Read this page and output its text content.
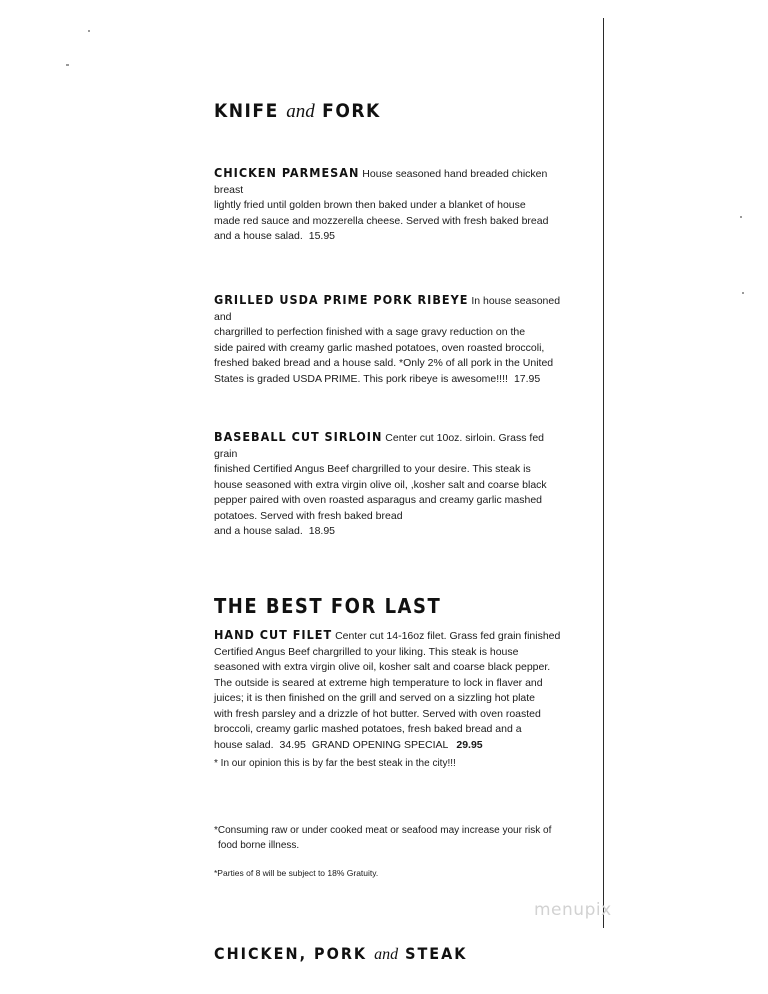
KNIFE and FORK
CHICKEN PARMESAN House seasoned hand breaded chicken breast
lightly fried until golden brown then baked under a blanket of house
made red sauce and mozzerella cheese. Served with fresh baked bread
and a house salad. 15.95
GRILLED USDA PRIME PORK RIBEYE In house seasoned and
chargrilled to perfection finished with a sage gravy reduction on the
side paired with creamy garlic mashed potatoes, oven roasted broccoli,
freshed baked bread and a house sald. *Only 2% of all pork in the United
States is graded USDA PRIME. This pork ribeye is awesome!!!! 17.95
BASEBALL CUT SIRLOIN Center cut 10oz. sirloin. Grass fed grain
finished Certified Angus Beef chargrilled to your desire. This steak is
house seasoned with extra virgin olive oil, ,kosher salt and coarse black
pepper paired with oven roasted asparagus and creamy garlic mashed
potatoes. Served with fresh baked bread
and a house salad. 18.95
THE BEST FOR LAST
HAND CUT FILET Center cut 14-16oz filet. Grass fed grain finished
Certified Angus Beef chargrilled to your liking. This steak is house
seasoned with extra virgin olive oil, kosher salt and coarse black pepper.
The outside is seared at extreme high temperature to lock in flaver and
juices; it is then finished on the grill and served on a sizzling hot plate
with fresh parsley and a drizzle of hot butter. Served with oven roasted
broccoli, creamy garlic mashed potatoes, fresh baked bread and a
house salad. 34.95 GRAND OPENING SPECIAL 29.95
* In our opinion this is by far the best steak in the city!!!
*Consuming raw or under cooked meat or seafood may increase your risk of
food borne illness.
*Parties of 8 will be subject to 18% Gratuity.
menupix
CHICKEN, PORK and STEAK
